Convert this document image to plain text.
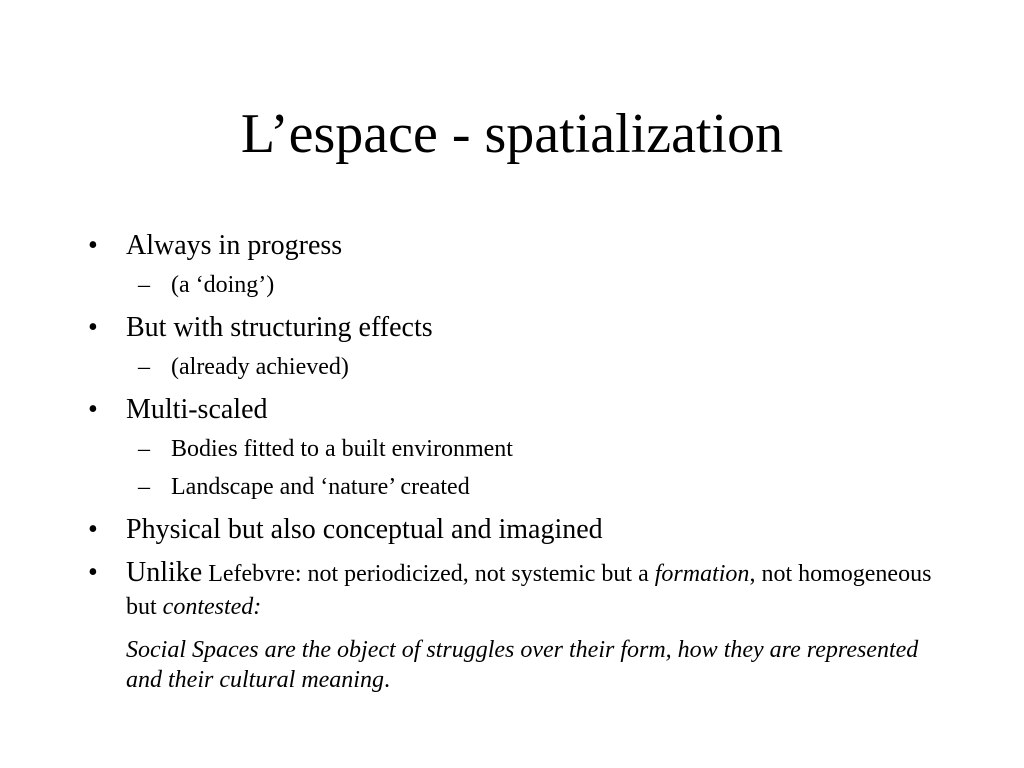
L’espace - spatialization
• Always in progress
– (a ‘doing’)
• But with structuring effects
– (already achieved)
• Multi-scaled
– Bodies fitted to a built environment
– Landscape and ‘nature’ created
• Physical but also conceptual and imagined
• Unlike Lefebvre: not periodicized, not systemic but a formation, not homogeneous but contested:
Social Spaces are the object of struggles over their form, how they are represented and their cultural meaning.
